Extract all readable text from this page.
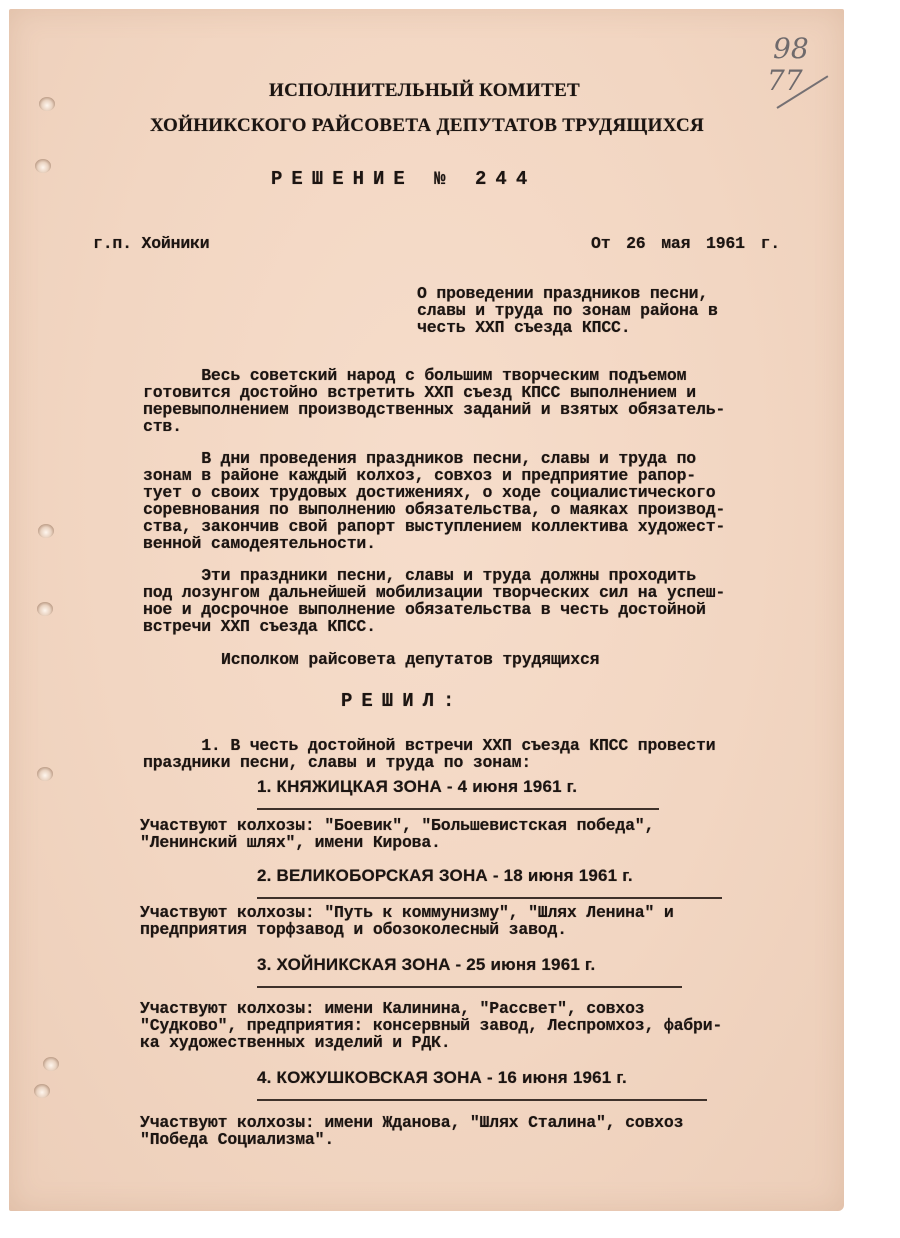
98
77
ИСПОЛНИТЕЛЬНЫЙ КОМИТЕТ
ХОЙНИКСКОГО РАЙСОВЕТА ДЕПУТАТОВ ТРУДЯЩИХСЯ
РЕШЕНИЕ № 244
г.п. Хойники	От 26 мая 1961 г.
О проведении праздников песни,
славы и труда по зонам района в
честь ХХП съезда КПСС.
Весь советский народ с большим творческим подъемом
готовится достойно встретить ХХП съезд КПСС выполнением и
перевыполнением производственных заданий и взятых обязатель-
ств.
В дни проведения праздников песни, славы и труда по
зонам в районе каждый колхоз, совхоз и предприятие рапор-
тует о своих трудовых достижениях, о ходе социалистического
соревнования по выполнению обязательства, о маяках производ-
ства, закончив свой рапорт выступлением коллектива художест-
венной самодеятельности.
Эти праздники песни, славы и труда должны проходить
под лозунгом дальнейшей мобилизации творческих сил на успеш-
ное и досрочное выполнение обязательства в честь достойной
встречи ХХП съезда КПСС.
Исполком райсовета депутатов трудящихся
РЕШИЛ:
1. В честь достойной встречи ХХП съезда КПСС провести
праздники песни, славы и труда по зонам:
1. КНЯЖИЦКАЯ ЗОНА - 4 июня 1961 г.
Участвуют колхозы: "Боевик", "Большевистская победа",
"Ленинский шлях", имени Кирова.
2. ВЕЛИКОБОРСКАЯ ЗОНА - 18 июня 1961 г.
Участвуют колхозы: "Путь к коммунизму", "Шлях Ленина" и
предприятия торфзавод и обозоколесный завод.
3. ХОЙНИКСКАЯ ЗОНА - 25 июня 1961 г.
Участвуют колхозы: имени Калинина, "Рассвет", совхоз
"Судково", предприятия: консервный завод, Леспромхоз, фабри-
ка художественных изделий и РДК.
4. КОЖУШКОВСКАЯ ЗОНА - 16 июня 1961 г.
Участвуют колхозы: имени Жданова, "Шлях Сталина", совхоз
"Победа Социализма".
